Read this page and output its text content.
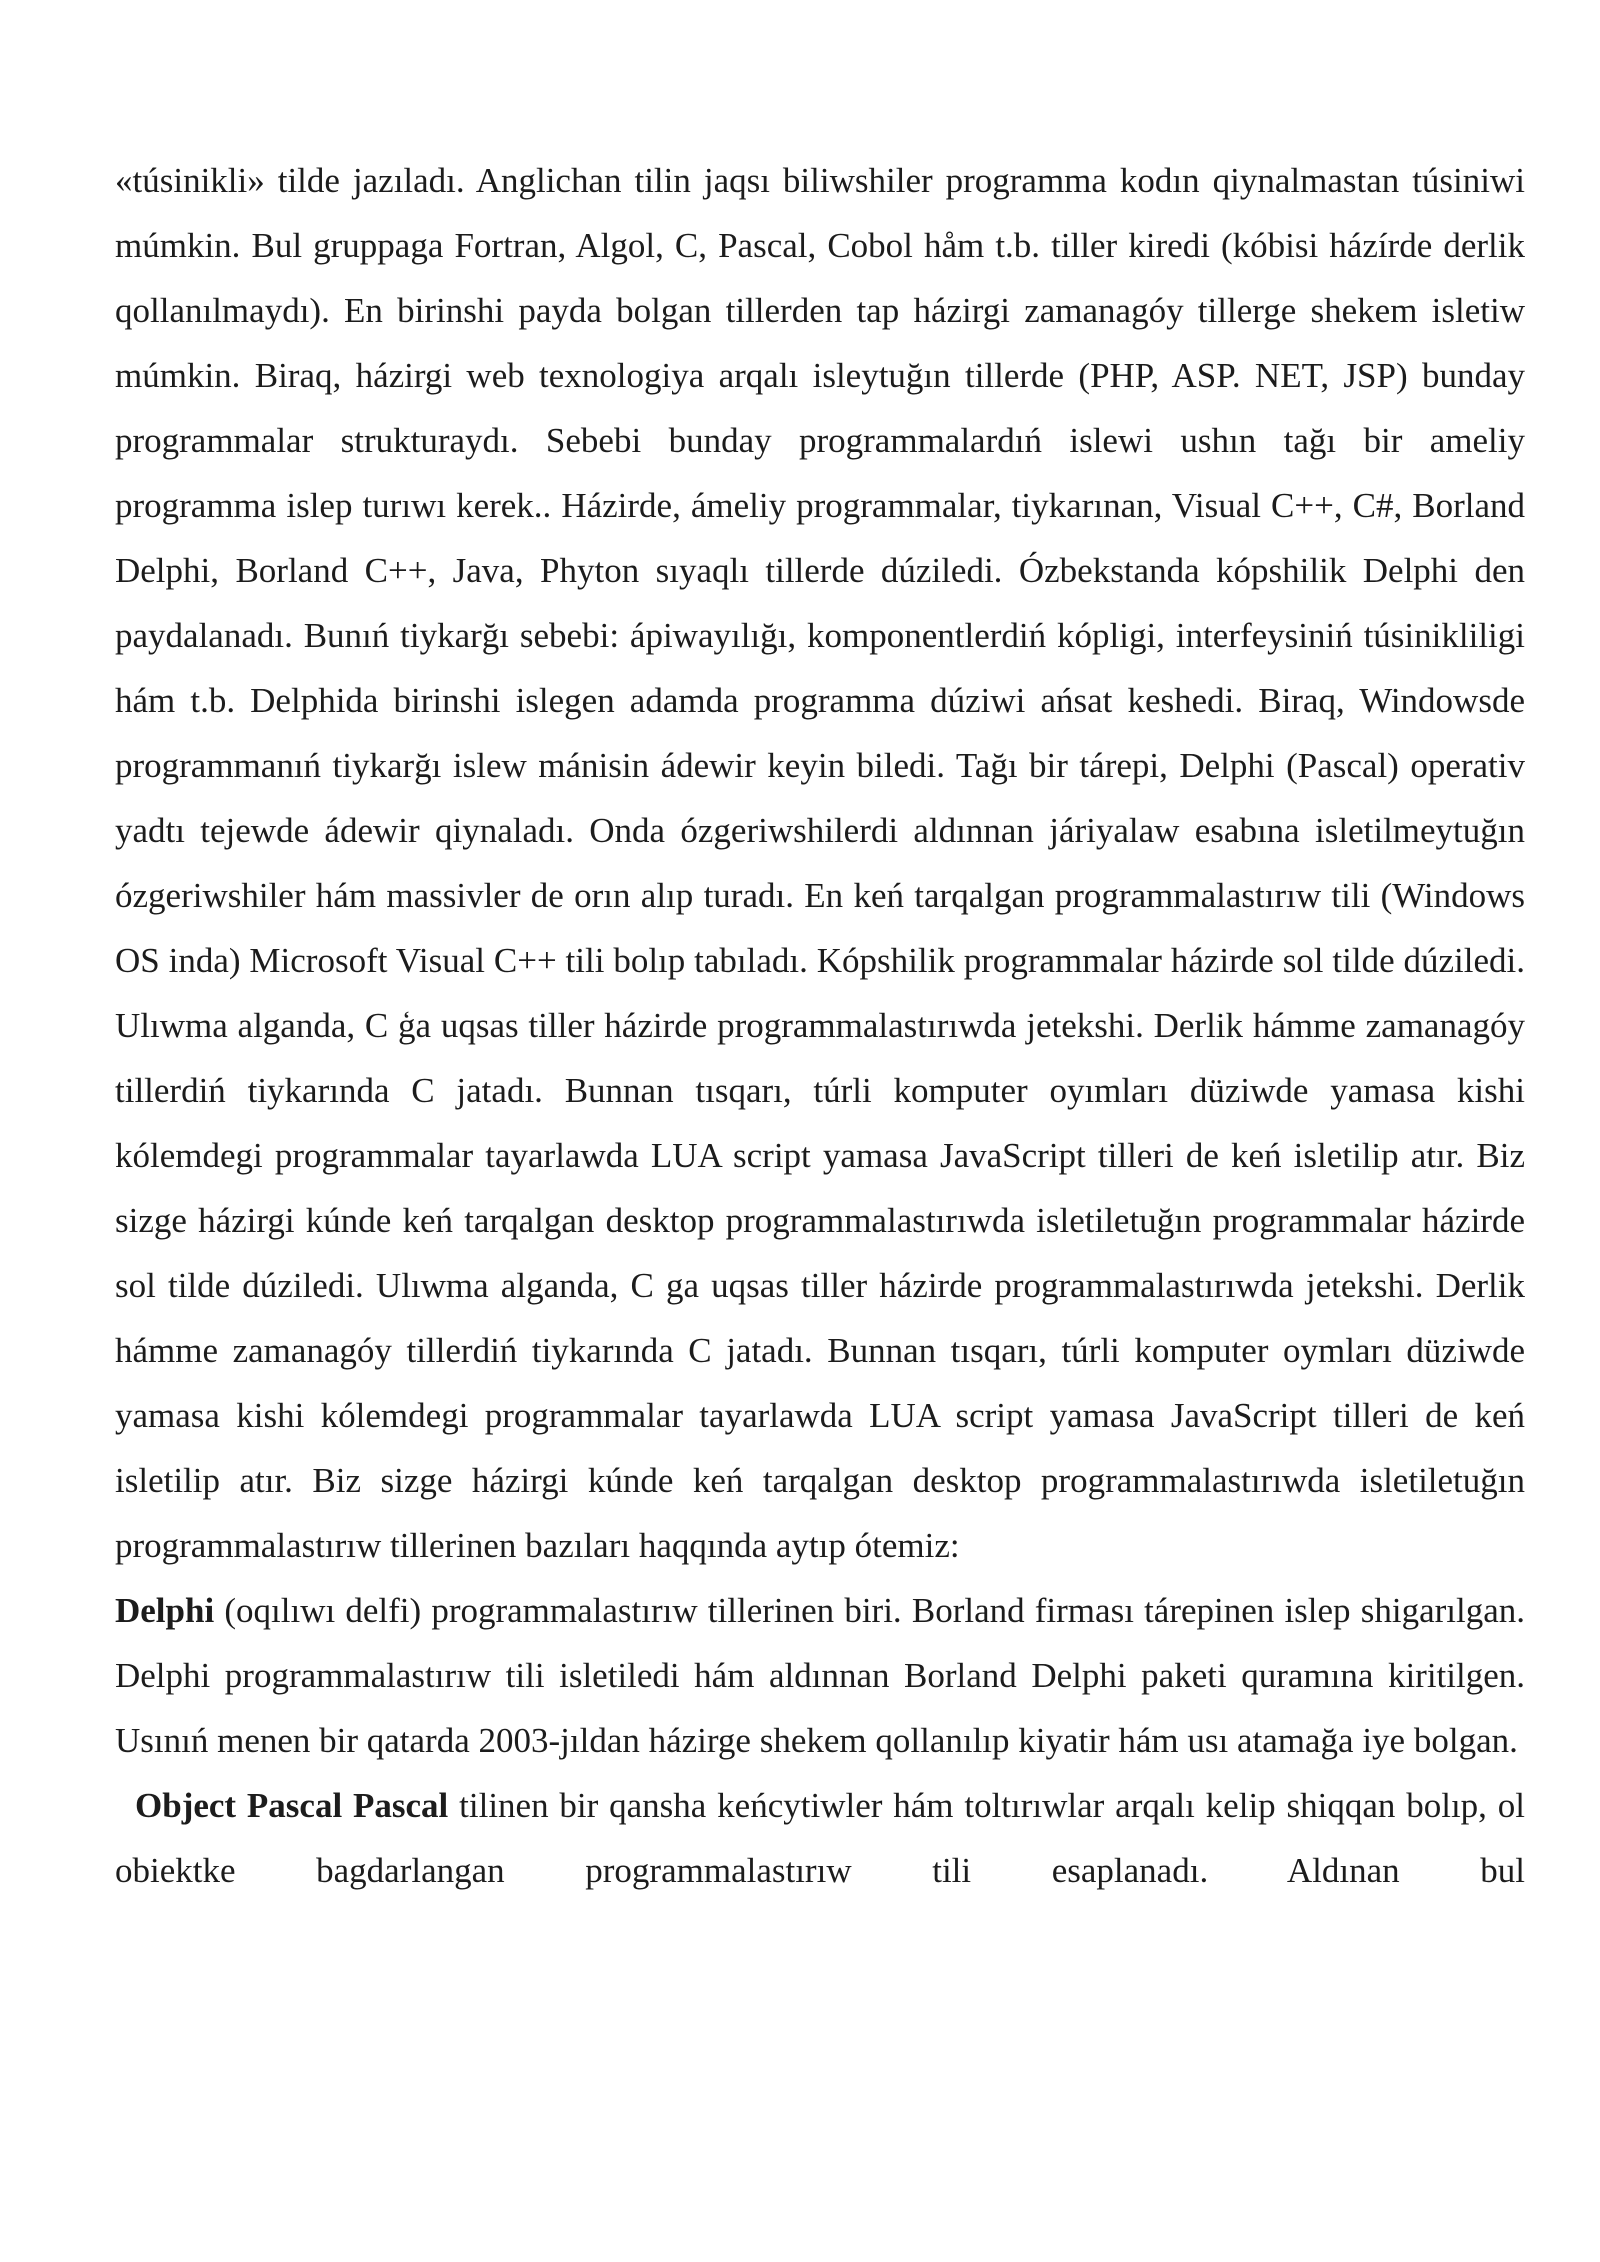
«túsinikli» tilde jazıladı. Anglichan tilin jaqsı biliwshiler programma kodın qiynalmastan túsiniwi múmkin. Bul gruppaga Fortran, Algol, C, Pascal, Cobol håm t.b. tiller kiredi (kóbisi házírde derlik qollanılmaydı). En birinshi payda bolgan tillerden tap házirgi zamanagóy tillerge shekem isletiw múmkin. Biraq, házirgi web texnologiya arqalı isleytuğın tillerde (PHP, ASP. NET, JSP) bunday programmalar strukturaydı. Sebebi bunday programmalardıń islewi ushın tağı bir ameliy programma islep turıwı kerek.. Házirde, ámeliy programmalar, tiykarınan, Visual C++, C#, Borland Delphi, Borland C++, Java, Phyton sıyaqlı tillerde dúziledi. Ózbekstanda kópshilik Delphi den paydalanadı. Bunıń tiykarğı sebebi: ápiwayılığı, komponentlerdiń kópligi, interfeysiniń túsinikliligi hám t.b. Delphida birinshi islegen adamda programma dúziwi ańsat keshedi. Biraq, Windowsde programmanıń tiykarğı islew mánisin ádewir keyin biledi. Tağı bir tárepi, Delphi (Pascal) operativ yadtı tejewde ádewir qiynaladı. Onda ózgeriwshilerdi aldınnan járiyalaw esabına isletilmeytuğın ózgeriwshiler hám massivler de orın alıp turadı. En keń tarqalgan programmalastırıw tili (Windows OS inda) Microsoft Visual C++ tili bolıp tabıladı. Kópshilik programmalar házirde sol tilde dúziledi. Ulıwma alganda, C ģa uqsas tiller házirde programmalastırıwda jetekshi. Derlik hámme zamanagóy tillerdiń tiykarında C jatadı. Bunnan tısqarı, túrli komputer oyımları düziwde yamasa kishi kólemdegi programmalar tayarlawda LUA script yamasa JavaScript tilleri de keń isletilip atır. Biz sizge házirgi kúnde keń tarqalgan desktop programmalastırıwda isletiletuğın programmalar házirde sol tilde dúziledi. Ulıwma alganda, C ga uqsas tiller házirde programmalastırıwda jetekshi. Derlik hámme zamanagóy tillerdiń tiykarında C jatadı. Bunnan tısqarı, túrli komputer oymları düziwde yamasa kishi kólemdegi programmalar tayarlawda LUA script yamasa JavaScript tilleri de keń isletilip atır. Biz sizge házirgi kúnde keń tarqalgan desktop programmalastırıwda isletiletuğın programmalastırıw tillerinen bazıları haqqında aytıp ótemiz:

Delphi (oqılıwı delfi) programmalastırıw tillerinen biri. Borland firması tárepinen islep shigarılgan. Delphi programmalastırıw tili isletiledi hám aldınnan Borland Delphi paketi quramına kiritilgen. Usınıń menen bir qatarda 2003-jıldan házirge shekem qollanılıp kiyatir hám usı atamağa iye bolgan.

Object Pascal Pascal tilinen bir qansha keńcytiwler hám toltırıwlar arqalı kelip shiqqan bolıp, ol obiektke bagdarlangan programmalastırıw tili esaplanadı. Aldınan bul
